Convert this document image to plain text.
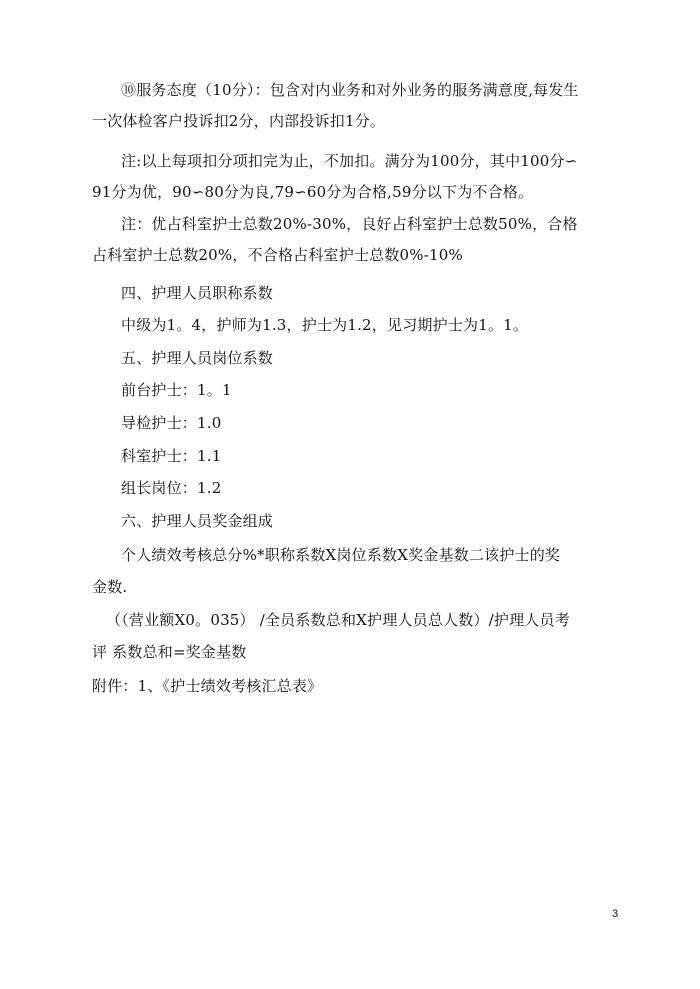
⑩服务态度（10分）：包含对内业务和对外业务的服务满意度,每发生
一次体检客户投诉扣2分，内部投诉扣1分。
注:以上每项扣分项扣完为止，不加扣。满分为100分，其中100分∽
91分为优，90∽80分为良,79∽60分为合格,59分以下为不合格。
注：优占科室护士总数20%-30%，良好占科室护士总数50%，合格
占科室护士总数20%，不合格占科室护士总数0%-10%
四、护理人员职称系数
中级为1。4，护师为1.3，护士为1.2，见习期护士为1。1。
五、护理人员岗位系数
前台护士：1。1
导检护士：1.0
科室护士：1.1
组长岗位：1.2
六、护理人员奖金组成
个人绩效考核总分%*职称系数X岗位系数X奖金基数二该护士的奖
金数.
（（营业额X0。035） /全员系数总和X护理人员总人数）/护理人员考
评 系数总和=奖金基数
附件：1、《护士绩效考核汇总表》
3
